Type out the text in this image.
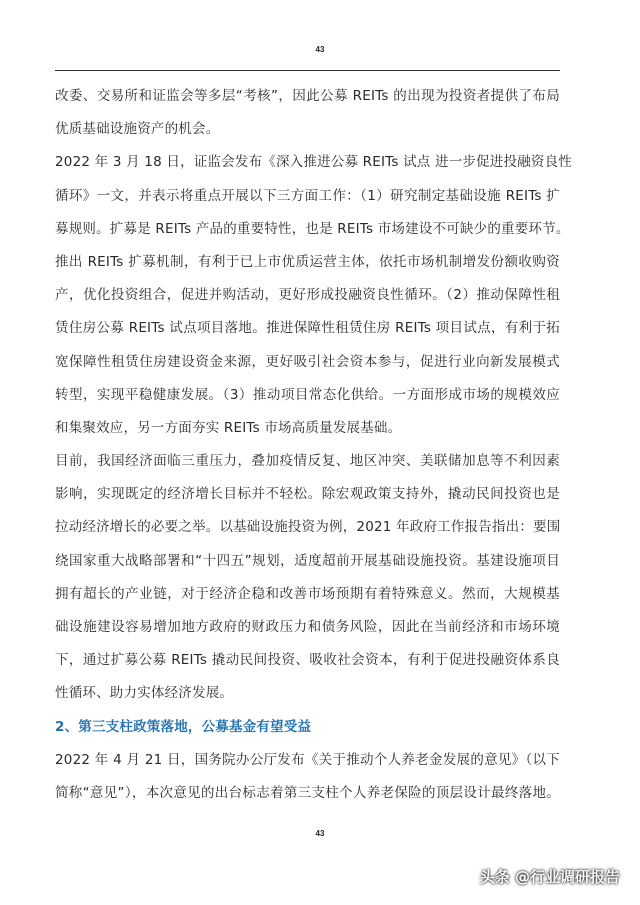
43
改委、交易所和证监会等多层“考核”，因此公募 REITs 的出现为投资者提供了布局
优质基础设施资产的机会。
2022 年 3 月 18 日，证监会发布《深入推进公募 REITs 试点 进一步促进投融资良性
循环》一文，并表示将重点开展以下三方面工作：（1）研究制定基础设施 REITs 扩
募规则。扩募是 REITs 产品的重要特性，也是 REITs 市场建设不可缺少的重要环节。
推出 REITs 扩募机制，有利于已上市优质运营主体，依托市场机制增发份额收购资
产，优化投资组合，促进并购活动，更好形成投融资良性循环。（2）推动保障性租
赁住房公募 REITs 试点项目落地。推进保障性租赁住房 REITs 项目试点，有利于拓
宽保障性租赁住房建设资金来源，更好吸引社会资本参与，促进行业向新发展模式
转型，实现平稳健康发展。（3）推动项目常态化供给。一方面形成市场的规模效应
和集聚效应，另一方面夯实 REITs 市场高质量发展基础。
目前，我国经济面临三重压力，叠加疫情反复、地区冲突、美联储加息等不利因素
影响，实现既定的经济增长目标并不轻松。除宏观政策支持外，撬动民间投资也是
拉动经济增长的必要之举。以基础设施投资为例，2021 年政府工作报告指出：要围
绕国家重大战略部署和“十四五”规划，适度超前开展基础设施投资。基建设施项目
拥有超长的产业链，对于经济企稳和改善市场预期有着特殊意义。然而，大规模基
础设施建设容易增加地方政府的财政压力和债务风险，因此在当前经济和市场环境
下，通过扩募公募 REITs 撬动民间投资、吸收社会资本，有利于促进投融资体系良
性循环、助力实体经济发展。
2、第三支柱政策落地，公募基金有望受益
2022 年 4 月 21 日，国务院办公厅发布《关于推动个人养老金发展的意见》（以下
简称“意见”），本次意见的出台标志着第三支柱个人养老保险的顶层设计最终落地。
43
头条 @行业调研报告
